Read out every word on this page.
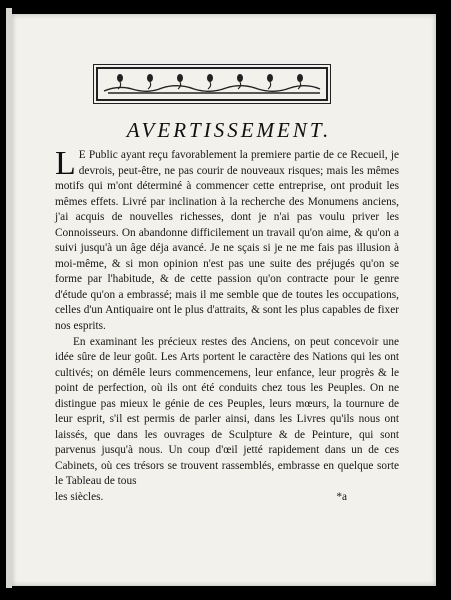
AVERTISSEMENT.

L E Public ayant reçu favorablement la premiere partie de ce Recueil, je devrois, peut-être, ne pas courir de nouveaux risques; mais les mêmes motifs qui m'ont déterminé à commencer cette entreprise, ont produit les mêmes effets. Livré par inclination à la recherche des Monumens anciens, j'ai acquis de nouvelles richesses, dont je n'ai pas voulu priver les Connoisseurs. On abandonne difficilement un travail qu'on aime, & qu'on a suivi jusqu'à un âge déja avancé. Je ne sçais si je ne me fais pas illusion à moi-même, & si mon opinion n'est pas une suite des préjugés qu'on se forme par l'habitude, & de cette passion qu'on contracte pour le genre d'étude qu'on a embrassé; mais il me semble que de toutes les occupations, celles d'un Antiquaire ont le plus d'attraits, & sont les plus capables de fixer nos esprits.

En examinant les précieux restes des Anciens, on peut concevoir une idée sûre de leur goût. Les Arts portent le caractère des Nations qui les ont cultivés; on démêle leurs commencemens, leur enfance, leur progrès & le point de perfection, où ils ont été conduits chez tous les Peuples. On ne distingue pas mieux le génie de ces Peuples, leurs mœurs, la tournure de leur esprit, s'il est permis de parler ainsi, dans les Livres qu'ils nous ont laissés, que dans les ouvrages de Sculpture & de Peinture, qui sont parvenus jusqu'à nous. Un coup d'œil jetté rapidement dans un de ces Cabinets, où ces trésors se trouvent rassemblés, embrasse en quelque sorte le Tableau de tous

les siècles.	*a
